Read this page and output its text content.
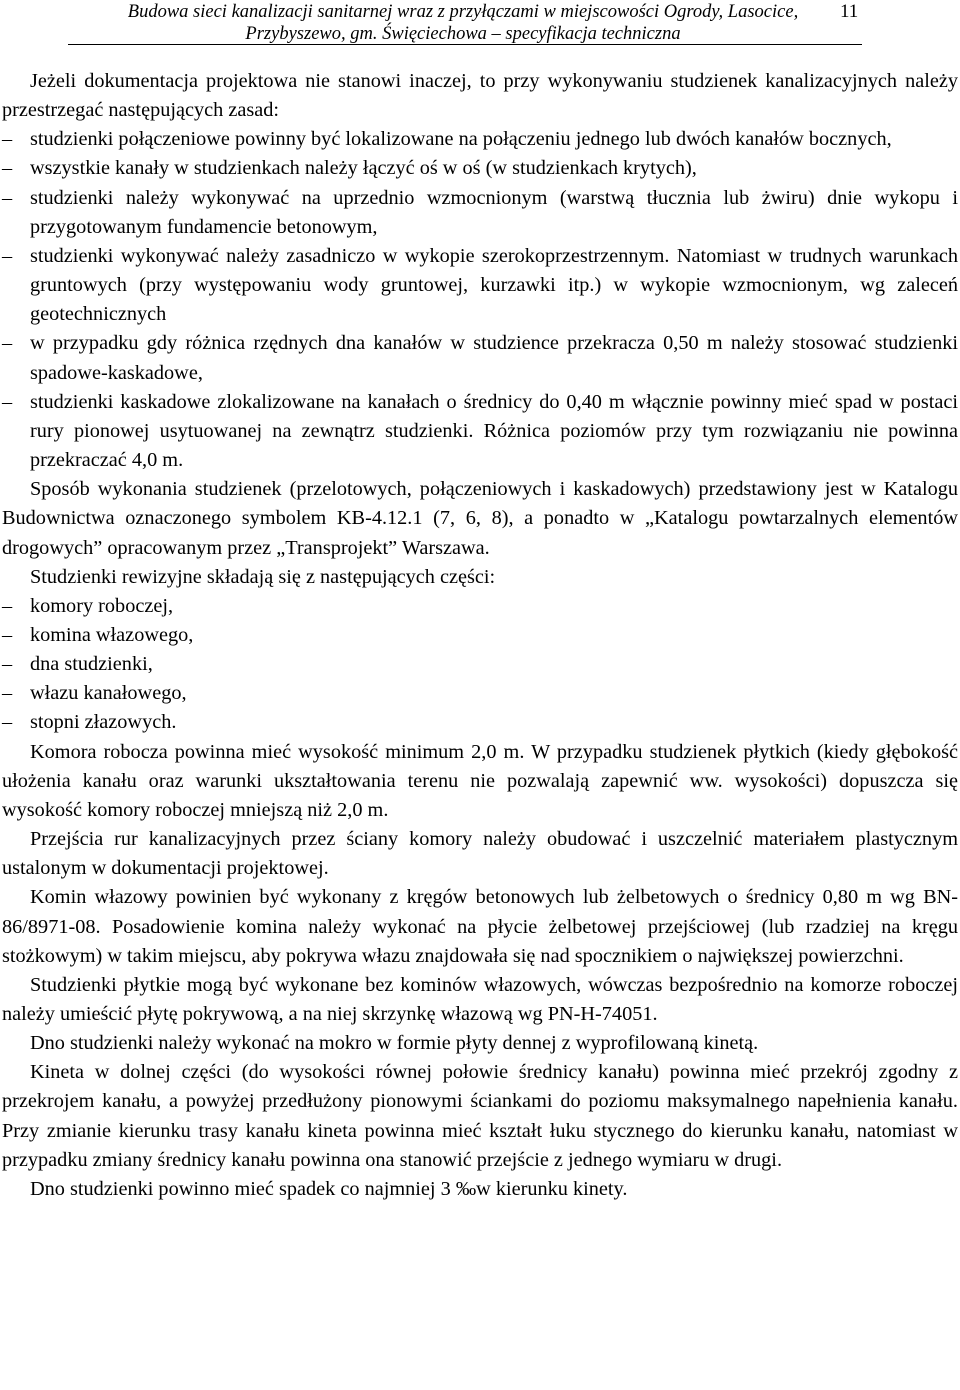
Budowa sieci kanalizacji sanitarnej wraz z przyłączami w miejscowości Ogrody, Lasocice,
Przybyszewo, gm. Święciechowa – specyfikacja techniczna
11

Jeżeli dokumentacja projektowa nie stanowi inaczej, to przy wykonywaniu studzienek kanalizacyjnych należy przestrzegać następujących zasad:

– studzienki połączeniowe powinny być lokalizowane na połączeniu jednego lub dwóch kanałów bocznych,

– wszystkie kanały w studzienkach należy łączyć oś w oś (w studzienkach krytych),

– studzienki należy wykonywać na uprzednio wzmocnionym (warstwą tłucznia lub żwiru) dnie wykopu i przygotowanym fundamencie betonowym,

– studzienki wykonywać należy zasadniczo w wykopie szerokoprzestrzennym. Natomiast w trudnych warunkach gruntowych (przy występowaniu wody gruntowej, kurzawki itp.) w wykopie wzmocnionym, wg zaleceń geotechnicznych

– w przypadku gdy różnica rzędnych dna kanałów w studzience przekracza 0,50 m należy stosować studzienki spadowe-kaskadowe,

– studzienki kaskadowe zlokalizowane na kanałach o średnicy do 0,40 m włącznie powinny mieć spad w postaci rury pionowej usytuowanej na zewnątrz studzienki. Różnica poziomów przy tym rozwiązaniu nie powinna przekraczać 4,0 m.

Sposób wykonania studzienek (przelotowych, połączeniowych i kaskadowych) przedstawiony jest w Katalogu Budownictwa oznaczonego symbolem KB-4.12.1 (7, 6, 8), a ponadto w „Katalogu powtarzalnych elementów drogowych” opracowanym przez „Transprojekt” Warszawa.

Studzienki rewizyjne składają się z następujących części:

– komory roboczej,

– komina włazowego,

– dna studzienki,

– włazu kanałowego,

– stopni złazowych.

Komora robocza powinna mieć wysokość minimum 2,0 m. W przypadku studzienek płytkich (kiedy głębokość ułożenia kanału oraz warunki ukształtowania terenu nie pozwalają zapewnić ww. wysokości) dopuszcza się wysokość komory roboczej mniejszą niż 2,0 m.

Przejścia rur kanalizacyjnych przez ściany komory należy obudować i uszczelnić materiałem plastycznym ustalonym w dokumentacji projektowej.

Komin włazowy powinien być wykonany z kręgów betonowych lub żelbetowych o średnicy 0,80 m wg BN-86/8971-08. Posadowienie komina należy wykonać na płycie żelbetowej przejściowej (lub rzadziej na kręgu stożkowym) w takim miejscu, aby pokrywa włazu znajdowała się nad spocznikiem o największej powierzchni.

Studzienki płytkie mogą być wykonane bez kominów włazowych, wówczas bezpośrednio na komorze roboczej należy umieścić płytę pokrywową, a na niej skrzynkę włazową wg PN-H-74051.

Dno studzienki należy wykonać na mokro w formie płyty dennej z wyprofilowaną kinetą.

Kineta w dolnej części (do wysokości równej połowie średnicy kanału) powinna mieć przekrój zgodny z przekrojem kanału, a powyżej przedłużony pionowymi ściankami do poziomu maksymalnego napełnienia kanału. Przy zmianie kierunku trasy kanału kineta powinna mieć kształt łuku stycznego do kierunku kanału, natomiast w przypadku zmiany średnicy kanału powinna ona stanowić przejście z jednego wymiaru w drugi.

Dno studzienki powinno mieć spadek co najmniej 3 ‰w kierunku kinety.
